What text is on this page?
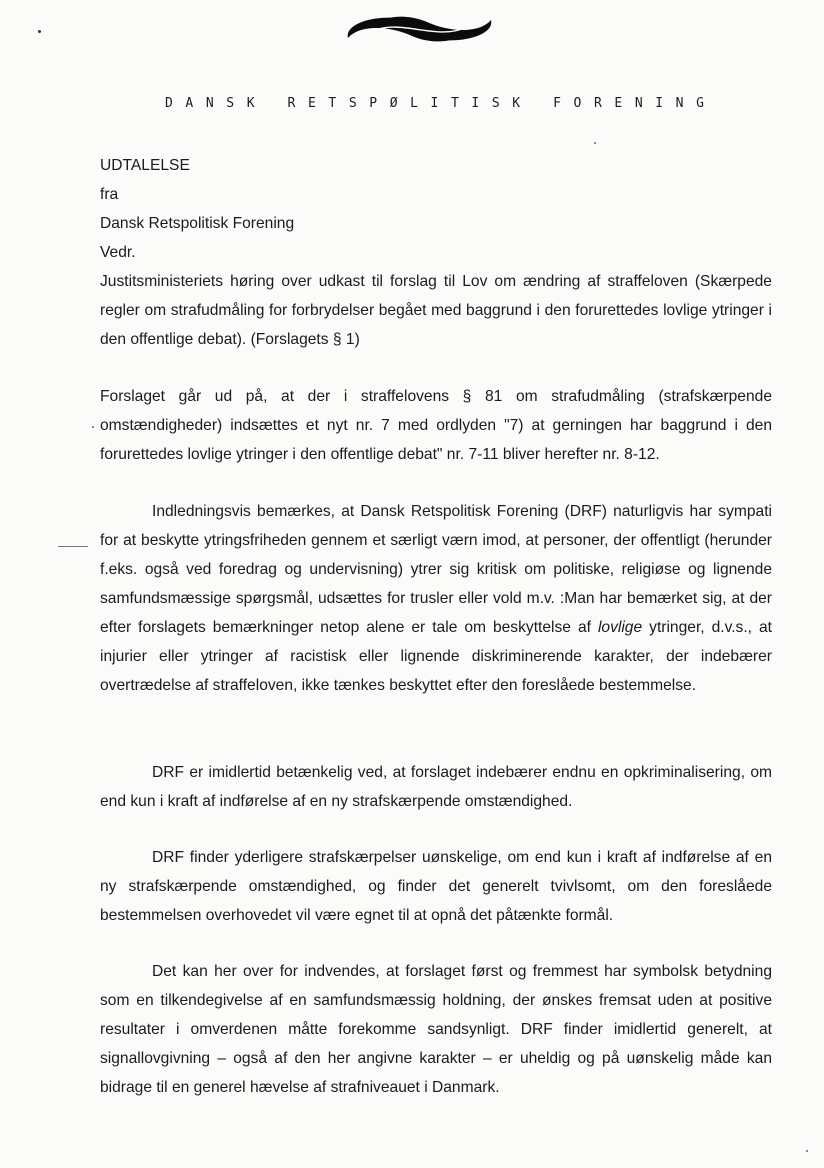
DANSK RETSPØLITISK FORENING
UDTALELSE
fra
Dansk Retspolitisk Forening
Vedr.
Justitsministeriets høring over udkast til forslag til Lov om ændring af straffeloven (Skærpede regler om strafudmåling for forbrydelser begået med baggrund i den forurettedes lovlige ytringer i den offentlige debat). (Forslagets § 1)
Forslaget går ud på, at der i straffelovens § 81 om strafudmåling (strafskærpende omstændigheder) indsættes et nyt nr. 7 med ordlyden "7) at gerningen har baggrund i den forurettedes lovlige ytringer i den offentlige debat" nr. 7-11 bliver herefter nr. 8-12.
Indledningsvis bemærkes, at Dansk Retspolitisk Forening (DRF) naturligvis har sympati for at beskytte ytringsfriheden gennem et særligt værn imod, at personer, der offentligt (herunder f.eks. også ved foredrag og undervisning) ytrer sig kritisk om politiske, religiøse og lignende samfundsmæssige spørgsmål, udsættes for trusler eller vold m.v. :Man har bemærket sig, at der efter forslagets bemærkninger netop alene er tale om beskyttelse af lovlige ytringer, d.v.s., at injurier eller ytringer af racistisk eller lignende diskriminerende karakter, der indebærer overtrædelse af straffeloven, ikke tænkes beskyttet efter den foreslåede bestemmelse.
DRF er imidlertid betænkelig ved, at forslaget indebærer endnu en opkriminalisering, om end kun i kraft af indførelse af en ny strafskærpende omstændighed.
DRF finder yderligere strafskærpelser uønskelige, om end kun i kraft af indførelse af en ny strafskærpende omstændighed, og finder det generelt tvivlsomt, om den foreslåede bestemmelsen overhovedet vil være egnet til at opnå det påtænkte formål.
Det kan her over for indvendes, at forslaget først og fremmest har symbolsk betydning som en tilkendegivelse af en samfundsmæssig holdning, der ønskes fremsat uden at positive resultater i omverdenen måtte forekomme sandsynligt. DRF finder imidlertid generelt, at signallovgivning – også af den her angivne karakter – er uheldig og på uønskelig måde kan bidrage til en generel hævelse af strafniveauet i Danmark.
